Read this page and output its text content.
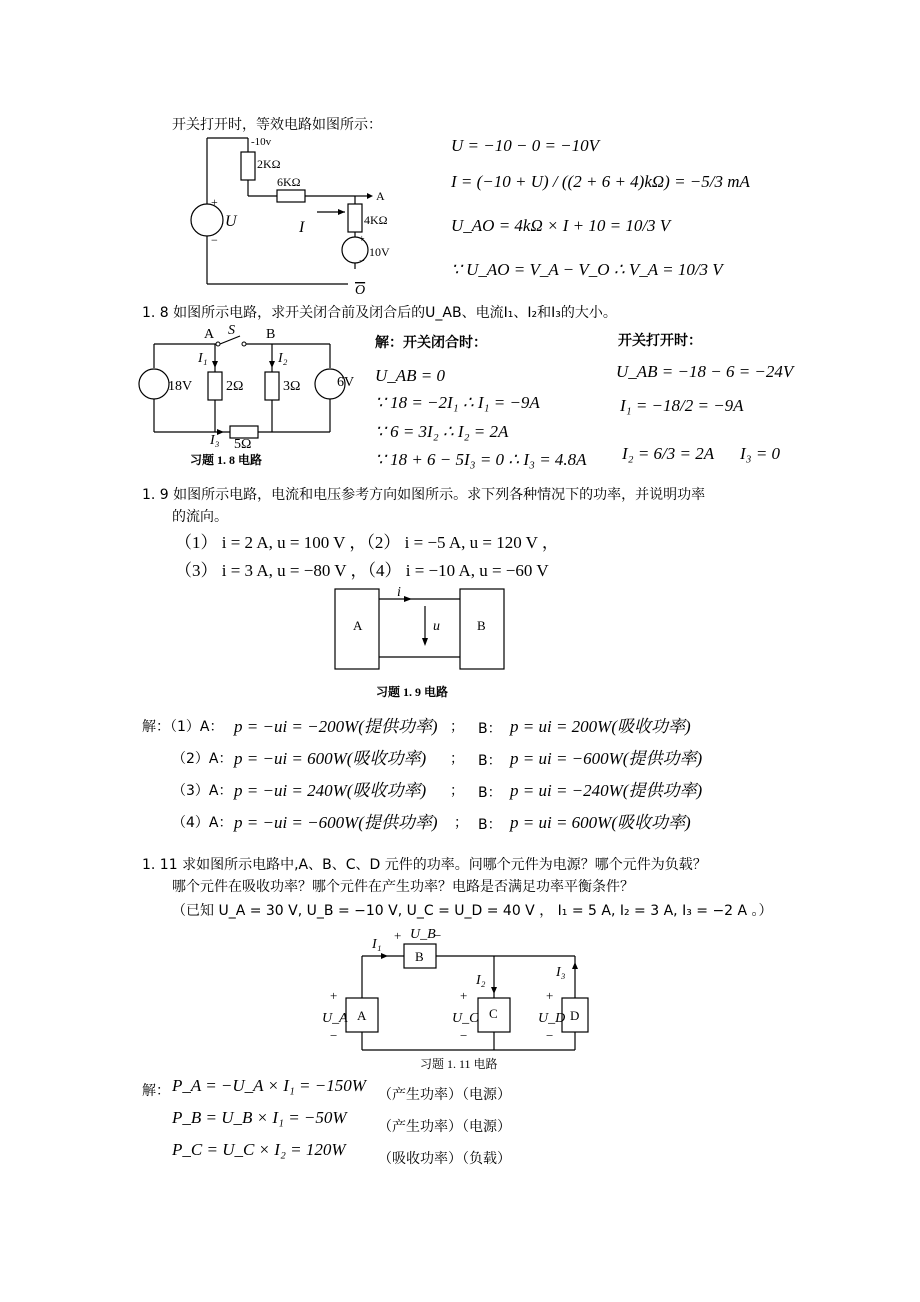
开关打开时，等效电路如图所示：
-10v
2KΩ
6KΩ
A
4KΩ
10V
O
U	I
+
−	+
−
U = −10 − 0 = −10V
I = (−10 + U) / ((2 + 6 + 4)kΩ) = −5/3 mA
U_AO = 4kΩ × I + 10 = 10/3 V
∵ U_AO = V_A − V_O ∴ V_A = 10/3 V
1. 8 如图所示电路，求开关闭合前及闭合后的U_AB、电流I₁、I₂和I₃的大小。
A S B
I₁	I₂
I₃
18V 2Ω	3Ω	6V
5Ω
习题 1. 8 电路
解：开关闭合时：
U_AB = 0
∵ 18 = −2I₁ ∴ I₁ = −9A
∵ 6 = 3I₂ ∴ I₂ = 2A
∵ 18 + 6 − 5I₃ = 0 ∴ I₃ = 4.8A
开关打开时：
U_AB = −18 − 6 = −24V
I₁ = −18/2 = −9A
I₂ = 6/3 = 2A I₃ = 0
1. 9 如图所示电路，电流和电压参考方向如图所示。求下列各种情况下的功率，并说明功率
的流向。
（1） i = 2 A, u = 100 V ，（2） i = −5 A, u = 120 V ，
（3） i = 3 A, u = −80 V ，（4） i = −10 A, u = −60 V
A	B
i
u
习题 1. 9 电路
解：（1）A： p = −ui = −200W(提供功率) ； B： p = ui = 200W(吸收功率)
（2）A： p = −ui = 600W(吸收功率) ； B： p = ui = −600W(提供功率)
（3）A： p = −ui = 240W(吸收功率) ； B： p = ui = −240W(提供功率)
（4）A： p = −ui = −600W(提供功率) ； B： p = ui = 600W(吸收功率)
1. 11 求如图所示电路中,A、B、C、D 元件的功率。问哪个元件为电源？哪个元件为负载？
哪个元件在吸收功率？哪个元件在产生功率？电路是否满足功率平衡条件？
（已知 U_A = 30 V, U_B = −10 V, U_C = U_D = 40 V ， I₁ = 5 A, I₂ = 3 A, I₃ = −2 A 。）
I₁
+ U_B
−
B
I₂
I₃
+
U_A
−
A
+
U_C
−
C
+
U_D
−
D
习题 1. 11 电路
解： P_A = −U_A × I₁ = −150W （产生功率）（电源）
P_B = U_B × I₁ = −50W （产生功率）（电源）
P_C = U_C × I₂ = 120W （吸收功率）（负载）
